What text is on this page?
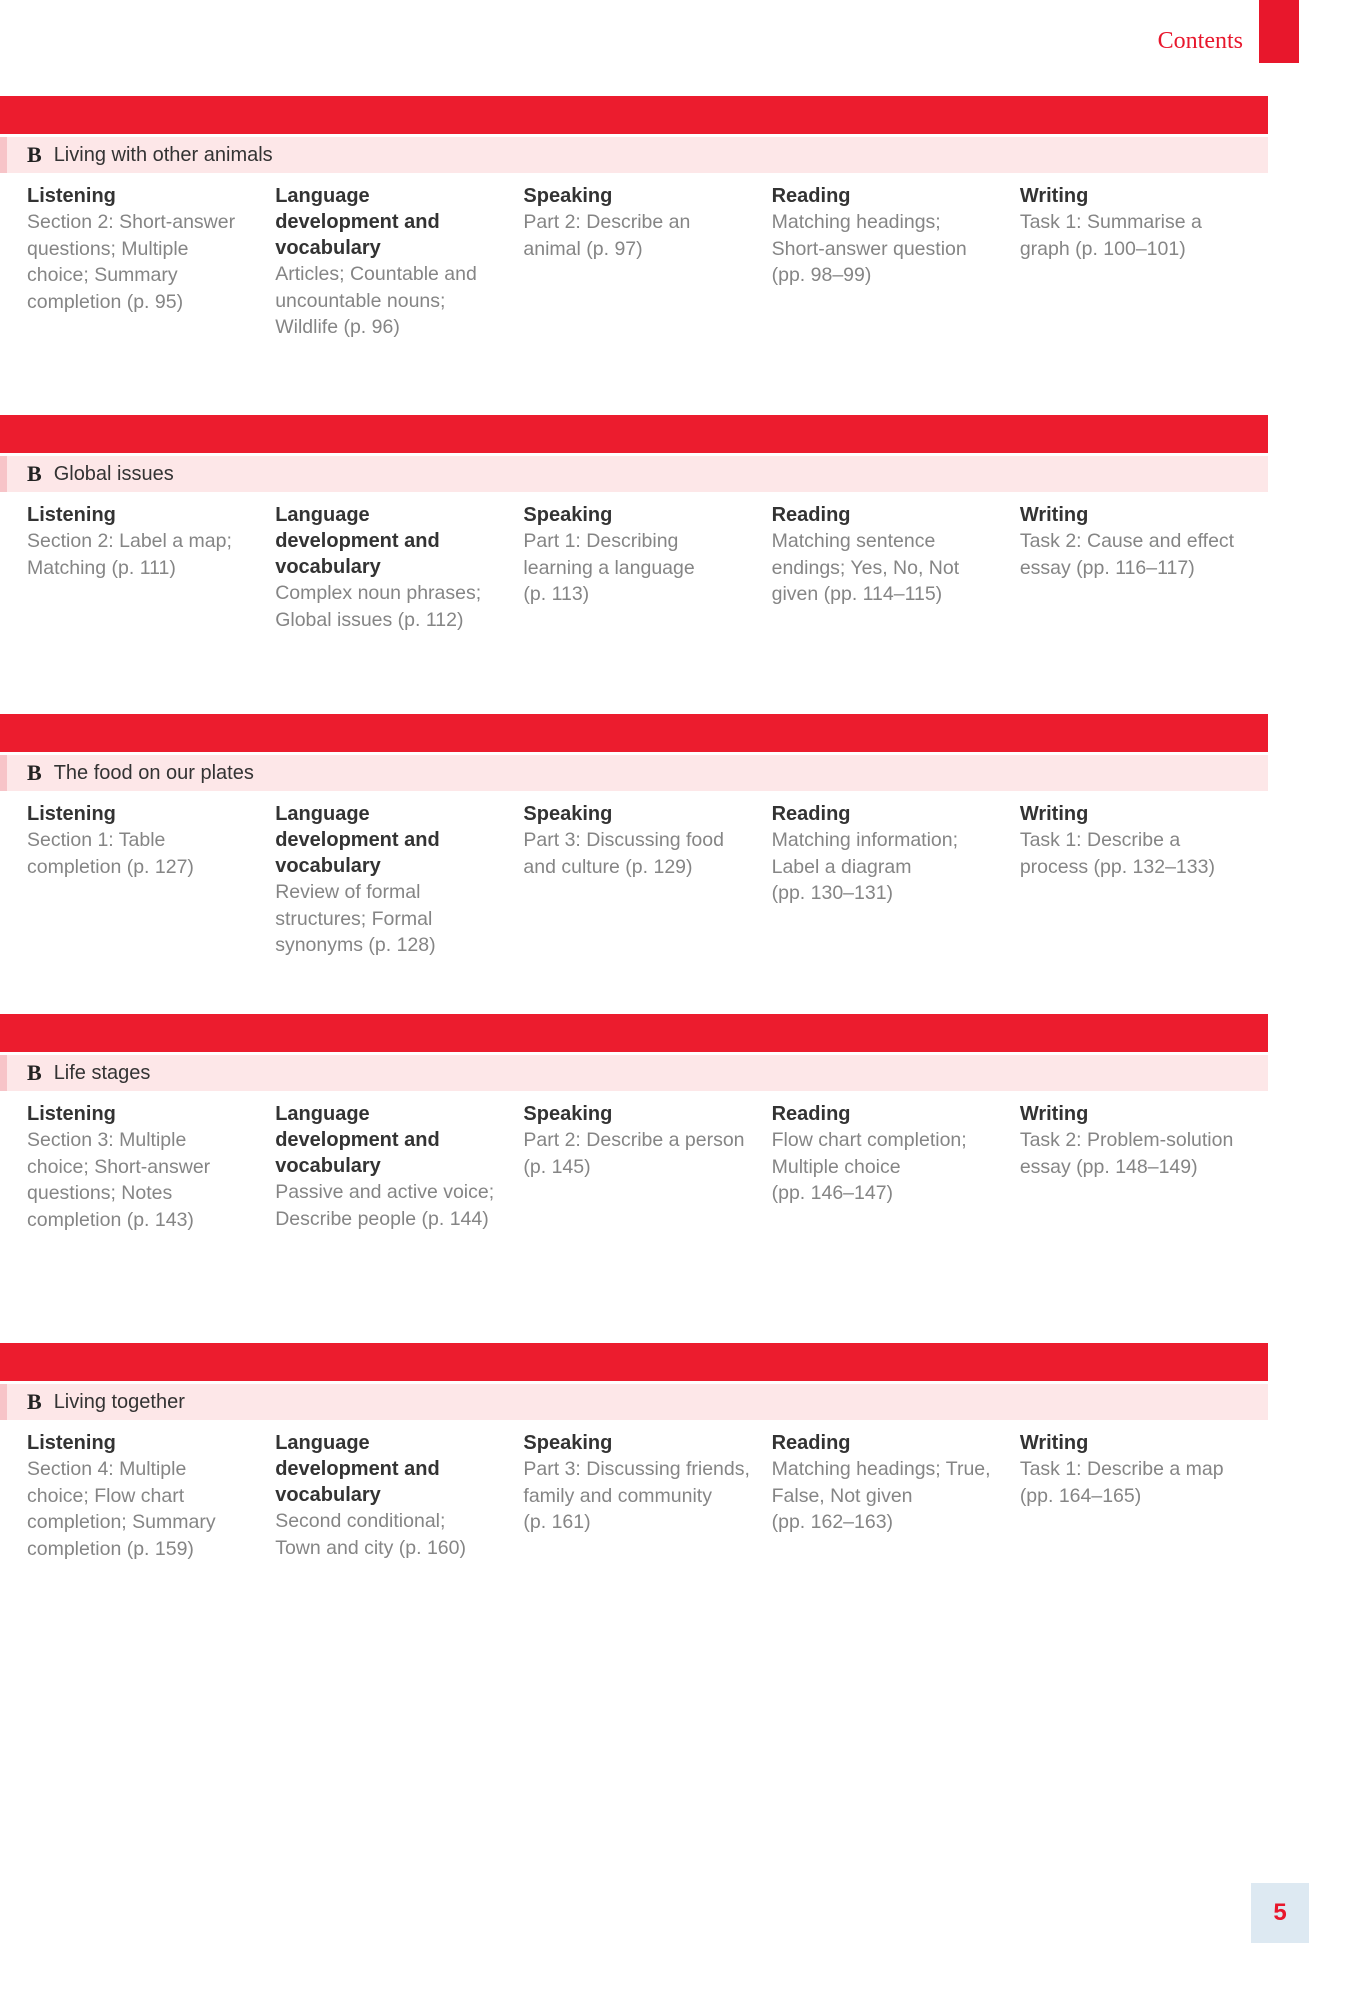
Contents
B Living with other animals
Listening
Section 2: Short-answer
questions; Multiple
choice; Summary
completion (p. 95)
Language
development and
vocabulary
Articles; Countable and
uncountable nouns;
Wildlife (p. 96)
Speaking
Part 2: Describe an
animal (p. 97)
Reading
Matching headings;
Short-answer question
(pp. 98–99)
Writing
Task 1: Summarise a
graph (p. 100–101)
B Global issues
Listening
Section 2: Label a map;
Matching (p. 111)
Language
development and
vocabulary
Complex noun phrases;
Global issues (p. 112)
Speaking
Part 1: Describing
learning a language
(p. 113)
Reading
Matching sentence
endings; Yes, No, Not
given (pp. 114–115)
Writing
Task 2: Cause and effect
essay (pp. 116–117)
B The food on our plates
Listening
Section 1: Table
completion (p. 127)
Language
development and
vocabulary
Review of formal
structures; Formal
synonyms (p. 128)
Speaking
Part 3: Discussing food
and culture (p. 129)
Reading
Matching information;
Label a diagram
(pp. 130–131)
Writing
Task 1: Describe a
process (pp. 132–133)
B Life stages
Listening
Section 3: Multiple
choice; Short-answer
questions; Notes
completion (p. 143)
Language
development and
vocabulary
Passive and active voice;
Describe people (p. 144)
Speaking
Part 2: Describe a person
(p. 145)
Reading
Flow chart completion;
Multiple choice
(pp. 146–147)
Writing
Task 2: Problem-solution
essay (pp. 148–149)
B Living together
Listening
Section 4: Multiple
choice; Flow chart
completion; Summary
completion (p. 159)
Language
development and
vocabulary
Second conditional;
Town and city (p. 160)
Speaking
Part 3: Discussing friends,
family and community
(p. 161)
Reading
Matching headings; True,
False, Not given
(pp. 162–163)
Writing
Task 1: Describe a map
(pp. 164–165)
5
